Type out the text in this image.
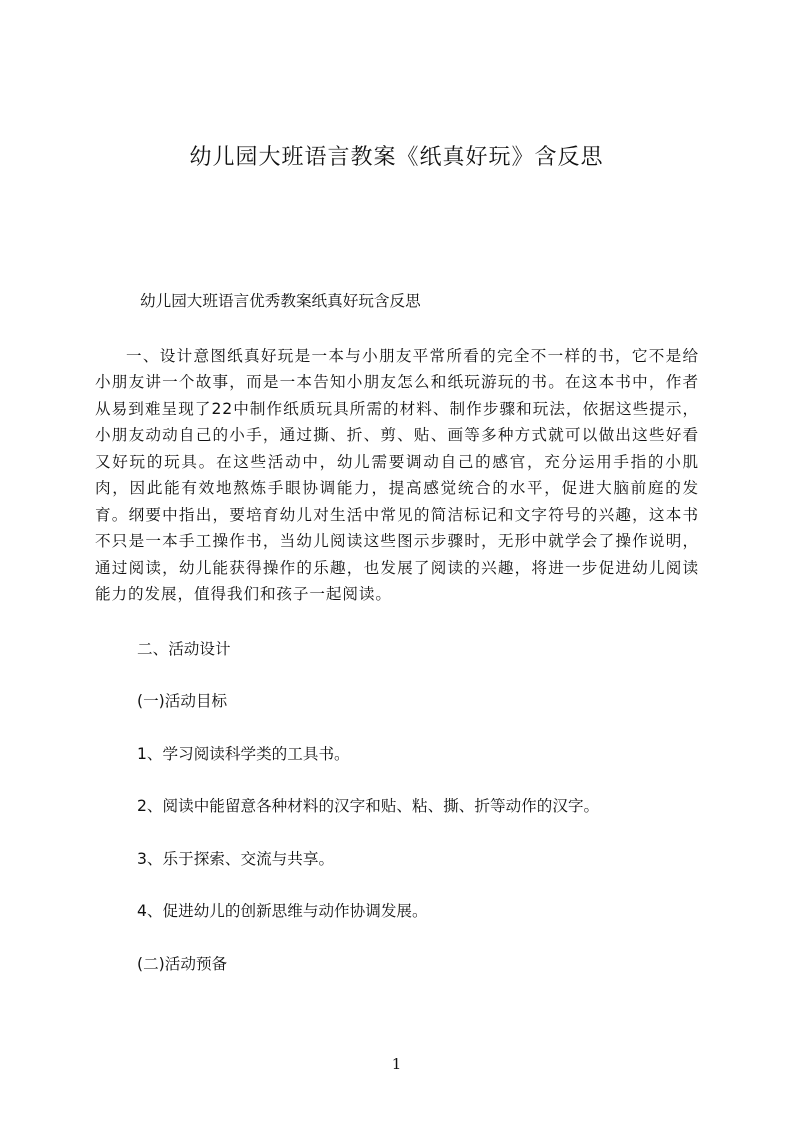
幼儿园大班语言教案《纸真好玩》含反思

幼儿园大班语言优秀教案纸真好玩含反思

一、设计意图纸真好玩是一本与小朋友平常所看的完全不一样的书，它不是给小朋友讲一个故事，而是一本告知小朋友怎么和纸玩游玩的书。在这本书中，作者从易到难呈现了22中制作纸质玩具所需的材料、制作步骤和玩法，依据这些提示，小朋友动动自己的小手，通过撕、折、剪、贴、画等多种方式就可以做出这些好看又好玩的玩具。在这些活动中，幼儿需要调动自己的感官，充分运用手指的小肌肉，因此能有效地熬炼手眼协调能力，提高感觉统合的水平，促进大脑前庭的发育。纲要中指出，要培育幼儿对生活中常见的简洁标记和文字符号的兴趣，这本书不只是一本手工操作书，当幼儿阅读这些图示步骤时，无形中就学会了操作说明，通过阅读，幼儿能获得操作的乐趣，也发展了阅读的兴趣，将进一步促进幼儿阅读能力的发展，值得我们和孩子一起阅读。

二、活动设计

(一)活动目标

1、学习阅读科学类的工具书。

2、阅读中能留意各种材料的汉字和贴、粘、撕、折等动作的汉字。

3、乐于探索、交流与共享。

4、促进幼儿的创新思维与动作协调发展。

(二)活动预备

1
